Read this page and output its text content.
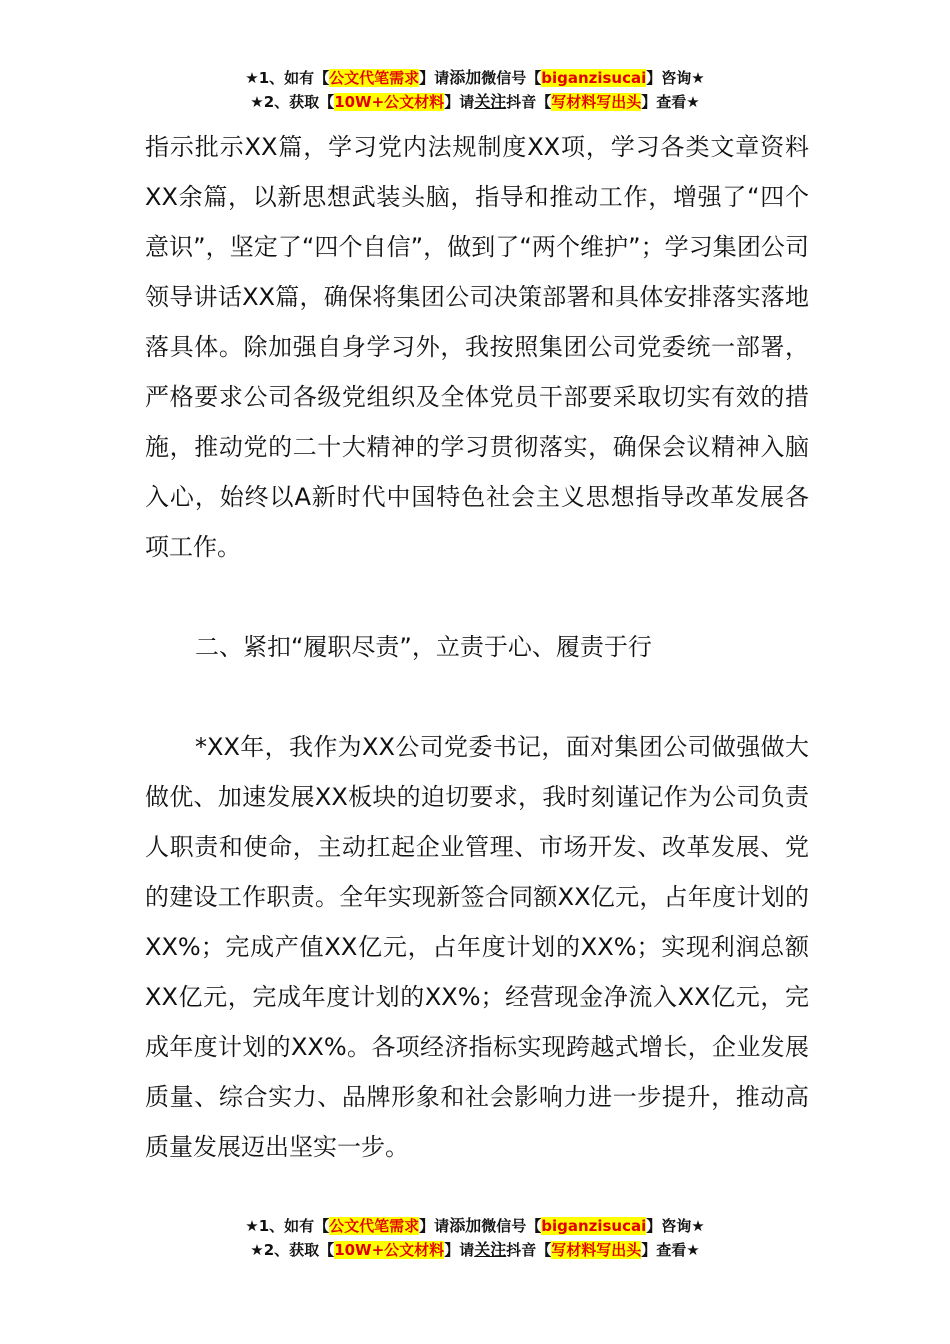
★1、如有【公文代笔需求】请添加微信号【biganzisucai】咨询★
★2、获取【10W+公文材料】请关注抖音【写材料写出头】查看★

指示批示XX篇，学习党内法规制度XX项，学习各类文章资料XX余篇，以新思想武装头脑，指导和推动工作，增强了“四个意识”，坚定了“四个自信”，做到了“两个维护”；学习集团公司领导讲话XX篇，确保将集团公司决策部署和具体安排落实落地落具体。除加强自身学习外，我按照集团公司党委统一部署，严格要求公司各级党组织及全体党员干部要采取切实有效的措施，推动党的二十大精神的学习贯彻落实，确保会议精神入脑入心，始终以A新时代中国特色社会主义思想指导改革发展各项工作。

二、紧扣“履职尽责”，立责于心、履责于行

*XX年，我作为XX公司党委书记，面对集团公司做强做大做优、加速发展XX板块的迫切要求，我时刻谨记作为公司负责人职责和使命，主动扛起企业管理、市场开发、改革发展、党的建设工作职责。全年实现新签合同额XX亿元，占年度计划的XX%；完成产值XX亿元，占年度计划的XX%；实现利润总额XX亿元，完成年度计划的XX%；经营现金净流入XX亿元，完成年度计划的XX%。各项经济指标实现跨越式增长，企业发展质量、综合实力、品牌形象和社会影响力进一步提升，推动高质量发展迈出坚实一步。

★1、如有【公文代笔需求】请添加微信号【biganzisucai】咨询★
★2、获取【10W+公文材料】请关注抖音【写材料写出头】查看★
